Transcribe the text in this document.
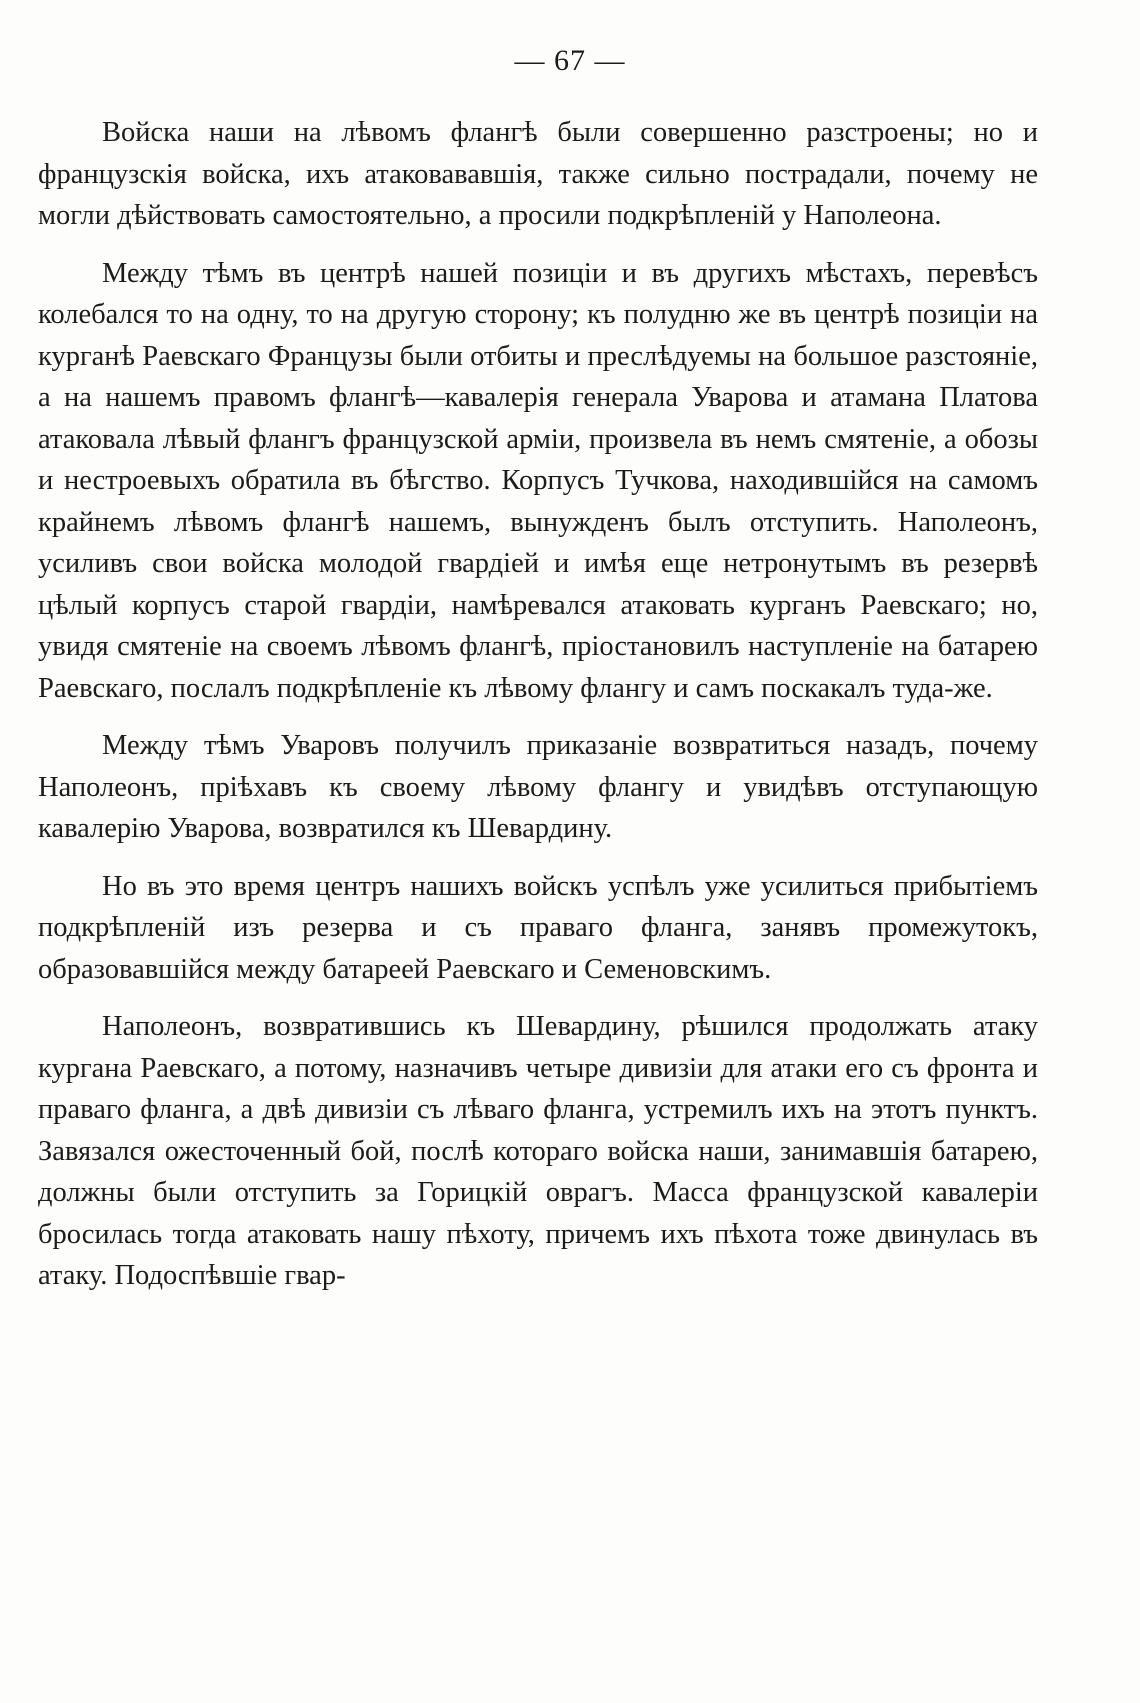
— 67 —

Войска наши на лѣвомъ флангѣ были совершенно разстроены; но и французскія войска, ихъ атаковававшія, также сильно пострадали, почему не могли дѣйствовать самостоятельно, а просили подкрѣпленій у Наполеона.

Между тѣмъ въ центрѣ нашей позиціи и въ другихъ мѣстахъ, перевѣсъ колебался то на одну, то на другую сторону; къ полудню же въ центрѣ позиціи на курганѣ Раевскаго Французы были отбиты и преслѣдуемы на большое разстояніе, а на нашемъ правомъ флангѣ—кавалерія генерала Уварова и атамана Платова атаковала лѣвый флангъ французской арміи, произвела въ немъ смятеніе, а обозы и нестроевыхъ обратила въ бѣгство. Корпусъ Тучкова, находившійся на самомъ крайнемъ лѣвомъ флангѣ нашемъ, вынужденъ былъ отступить. Наполеонъ, усиливъ свои войска молодой гвардіей и имѣя еще нетронутымъ въ резервѣ цѣлый корпусъ старой гвардіи, намѣревался атаковать курганъ Раевскаго; но, увидя смятеніе на своемъ лѣвомъ флангѣ, пріостановилъ наступленіе на батарею Раевскаго, послалъ подкрѣпленіе къ лѣвому флангу и самъ поскакалъ туда-же.

Между тѣмъ Уваровъ получилъ приказаніе возвратиться назадъ, почему Наполеонъ, пріѣхавъ къ своему лѣвому флангу и увидѣвъ отступающую кавалерію Уварова, возвратился къ Шевардину.

Но въ это время центръ нашихъ войскъ успѣлъ уже усилиться прибытіемъ подкрѣпленій изъ резерва и съ праваго фланга, занявъ промежутокъ, образовавшійся между батареей Раевскаго и Семеновскимъ.

Наполеонъ, возвратившись къ Шевардину, рѣшился продолжать атаку кургана Раевскаго, а потому, назначивъ четыре дивизіи для атаки его съ фронта и праваго фланга, а двѣ дивизіи съ лѣваго фланга, устремилъ ихъ на этотъ пунктъ. Завязался ожесточенный бой, послѣ котораго войска наши, занимавшія батарею, должны были отступить за Горицкій оврагъ. Масса французской кавалеріи бросилась тогда атаковать нашу пѣхоту, причемъ ихъ пѣхота тоже двинулась въ атаку. Подоспѣвшіе гвар-
